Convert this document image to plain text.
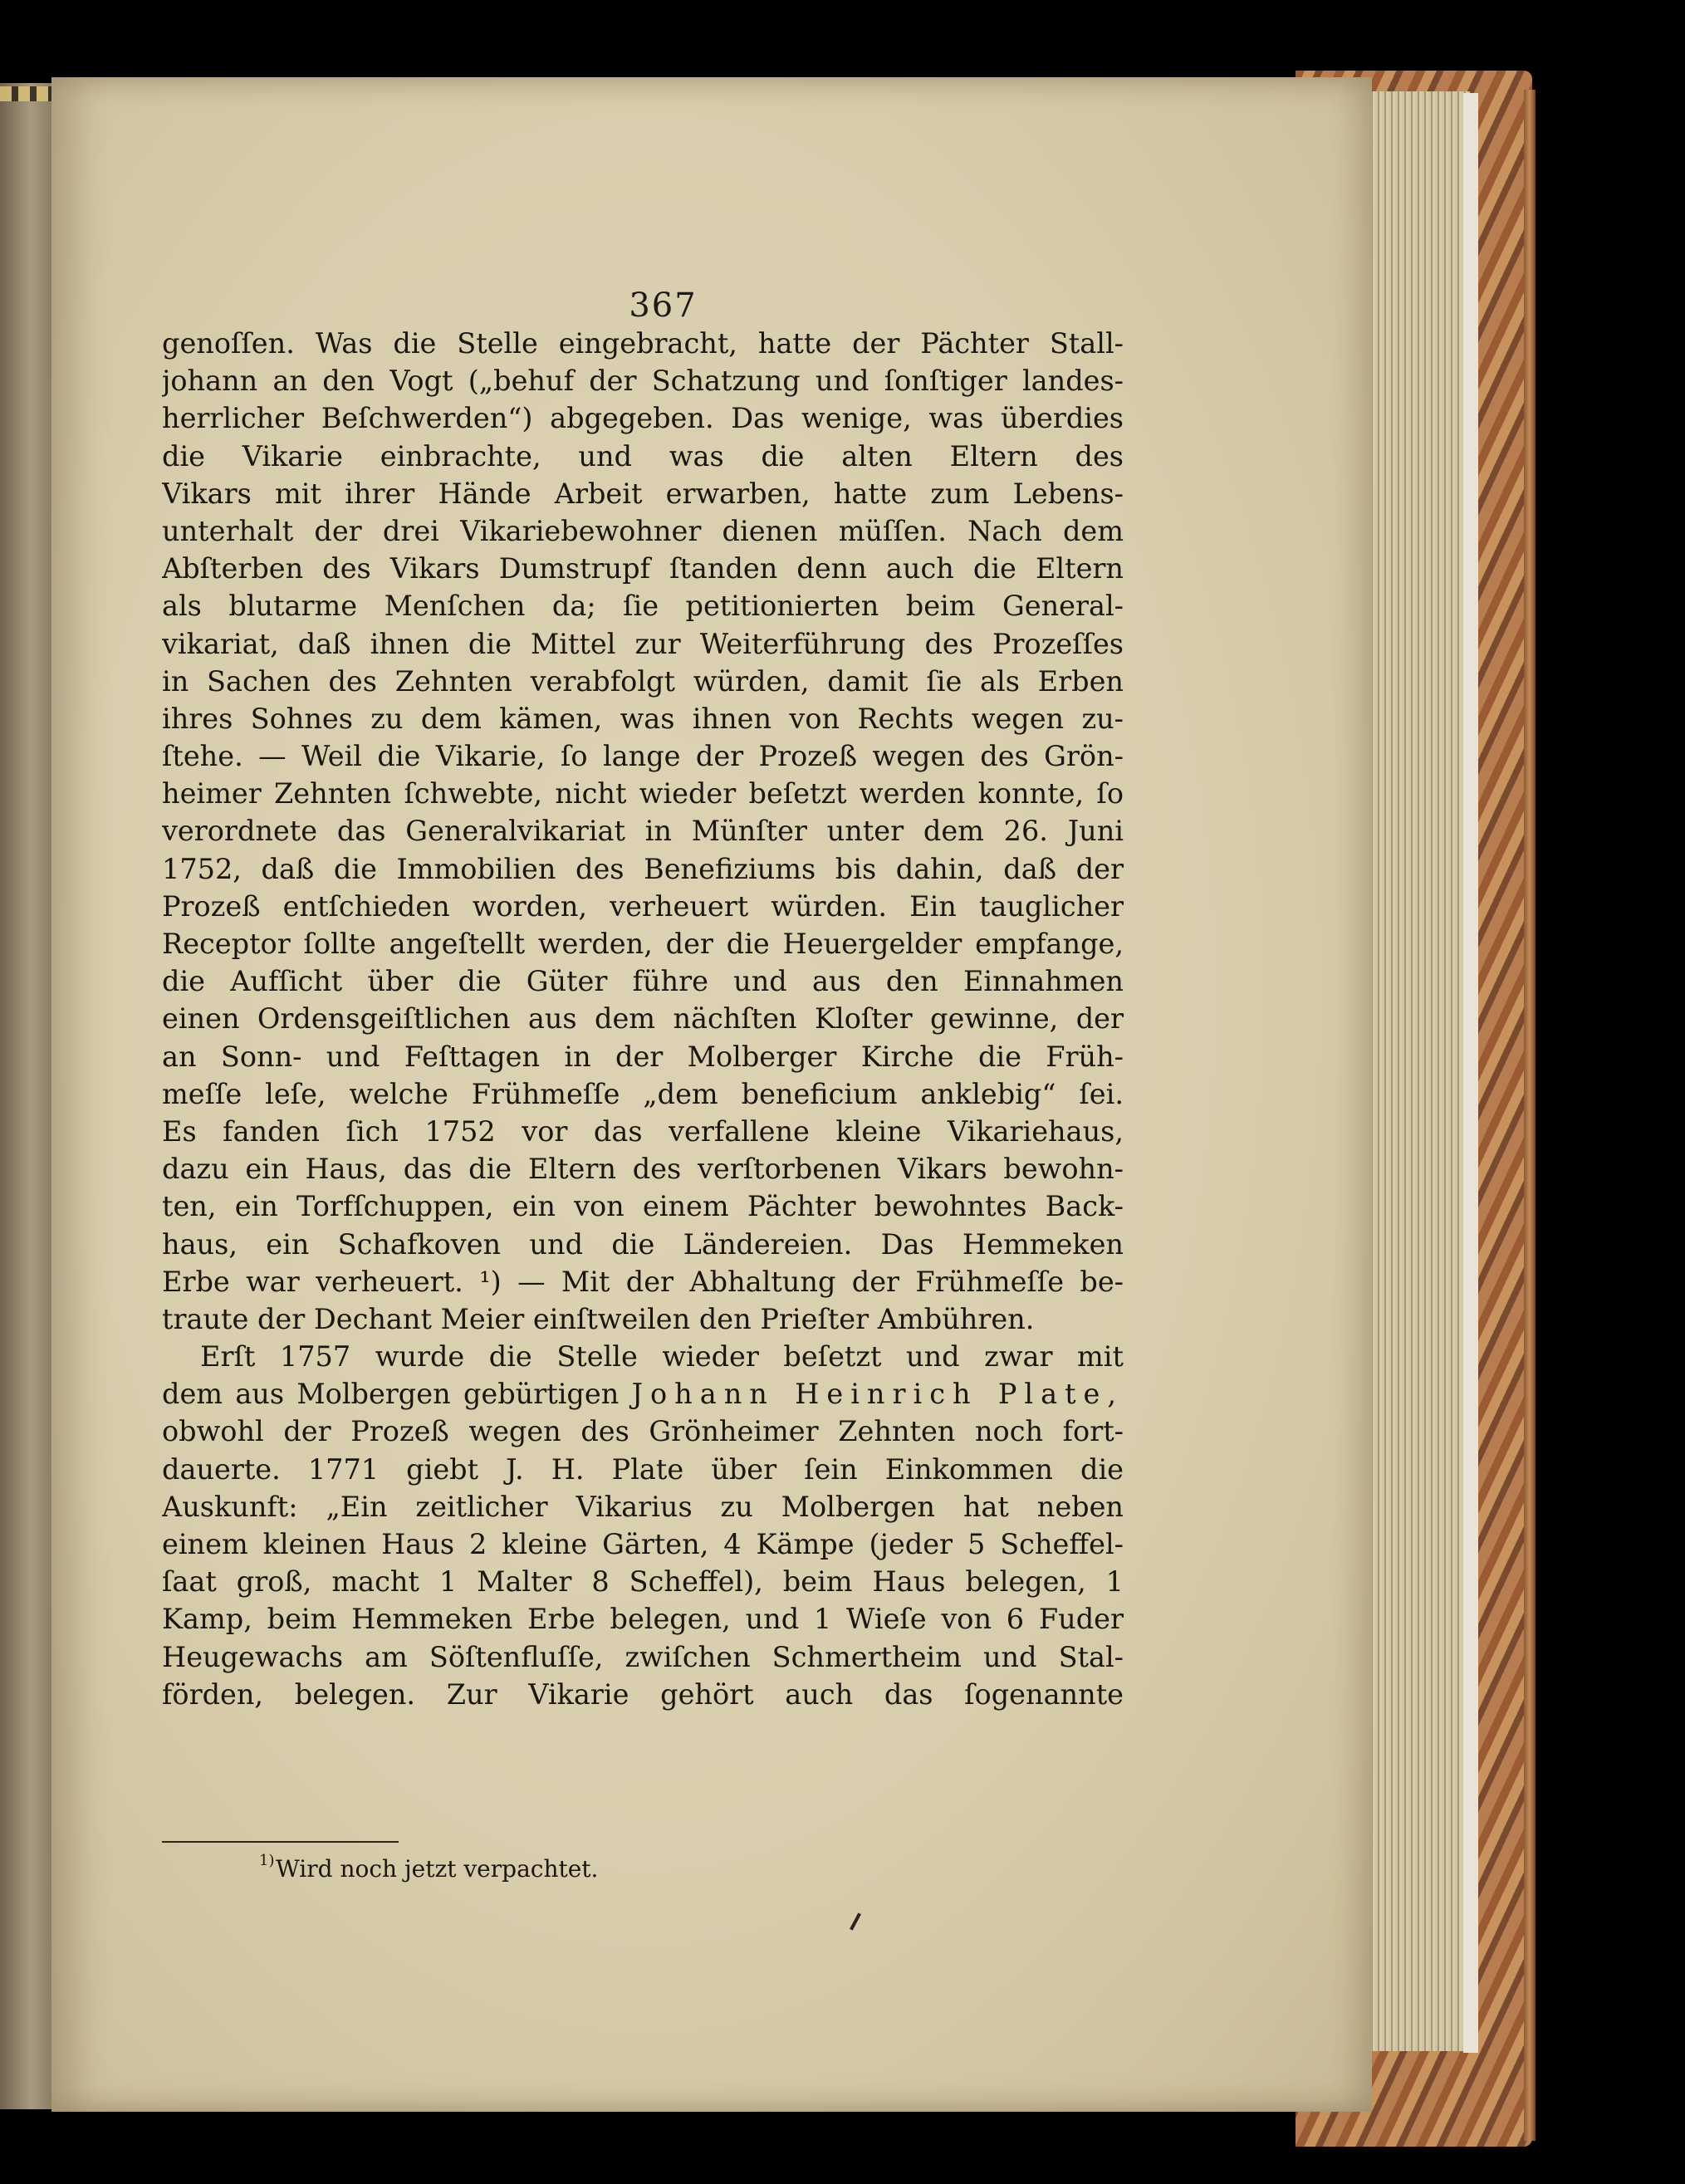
367
genoſſen. Was die Stelle eingebracht, hatte der Pächter Stall-
johann an den Vogt („behuf der Schatzung und ſonſtiger landes-
herrlicher Beſchwerden“) abgegeben. Das wenige, was überdies
die Vikarie einbrachte, und was die alten Eltern des
Vikars mit ihrer Hände Arbeit erwarben, hatte zum Lebens-
unterhalt der drei Vikariebewohner dienen müſſen. Nach dem
Abſterben des Vikars Dumstrupf ſtanden denn auch die Eltern
als blutarme Menſchen da; ſie petitionierten beim General-
vikariat, daß ihnen die Mittel zur Weiterführung des Prozeſſes
in Sachen des Zehnten verabfolgt würden, damit ſie als Erben
ihres Sohnes zu dem kämen, was ihnen von Rechts wegen zu-
ſtehe. — Weil die Vikarie, ſo lange der Prozeß wegen des Grön-
heimer Zehnten ſchwebte, nicht wieder beſetzt werden konnte, ſo
verordnete das Generalvikariat in Münſter unter dem 26. Juni
1752, daß die Immobilien des Benefiziums bis dahin, daß der
Prozeß entſchieden worden, verheuert würden. Ein tauglicher
Receptor ſollte angeſtellt werden, der die Heuergelder empfange,
die Aufſicht über die Güter führe und aus den Einnahmen
einen Ordensgeiſtlichen aus dem nächſten Kloſter gewinne, der
an Sonn- und Feſttagen in der Molberger Kirche die Früh-
meſſe leſe, welche Frühmeſſe „dem beneficium anklebig“ ſei.
Es fanden ſich 1752 vor das verfallene kleine Vikariehaus,
dazu ein Haus, das die Eltern des verſtorbenen Vikars bewohn-
ten, ein Torfſchuppen, ein von einem Pächter bewohntes Back-
haus, ein Schafkoven und die Ländereien. Das Hemmeken
Erbe war verheuert. ¹) — Mit der Abhaltung der Frühmeſſe be-
traute der Dechant Meier einſtweilen den Prieſter Ambühren.
Erſt 1757 wurde die Stelle wieder beſetzt und zwar mit
dem aus Molbergen gebürtigen Johann Heinrich Plate,
obwohl der Prozeß wegen des Grönheimer Zehnten noch fort-
dauerte. 1771 giebt J. H. Plate über ſein Einkommen die
Auskunft: „Ein zeitlicher Vikarius zu Molbergen hat neben
einem kleinen Haus 2 kleine Gärten, 4 Kämpe (jeder 5 Scheffel-
ſaat groß, macht 1 Malter 8 Scheffel), beim Haus belegen, 1
Kamp, beim Hemmeken Erbe belegen, und 1 Wieſe von 6 Fuder
Heugewachs am Söſtenfluſſe, zwiſchen Schmertheim und Stal-
förden, belegen. Zur Vikarie gehört auch das ſogenannte
1) Wird noch jetzt verpachtet.
